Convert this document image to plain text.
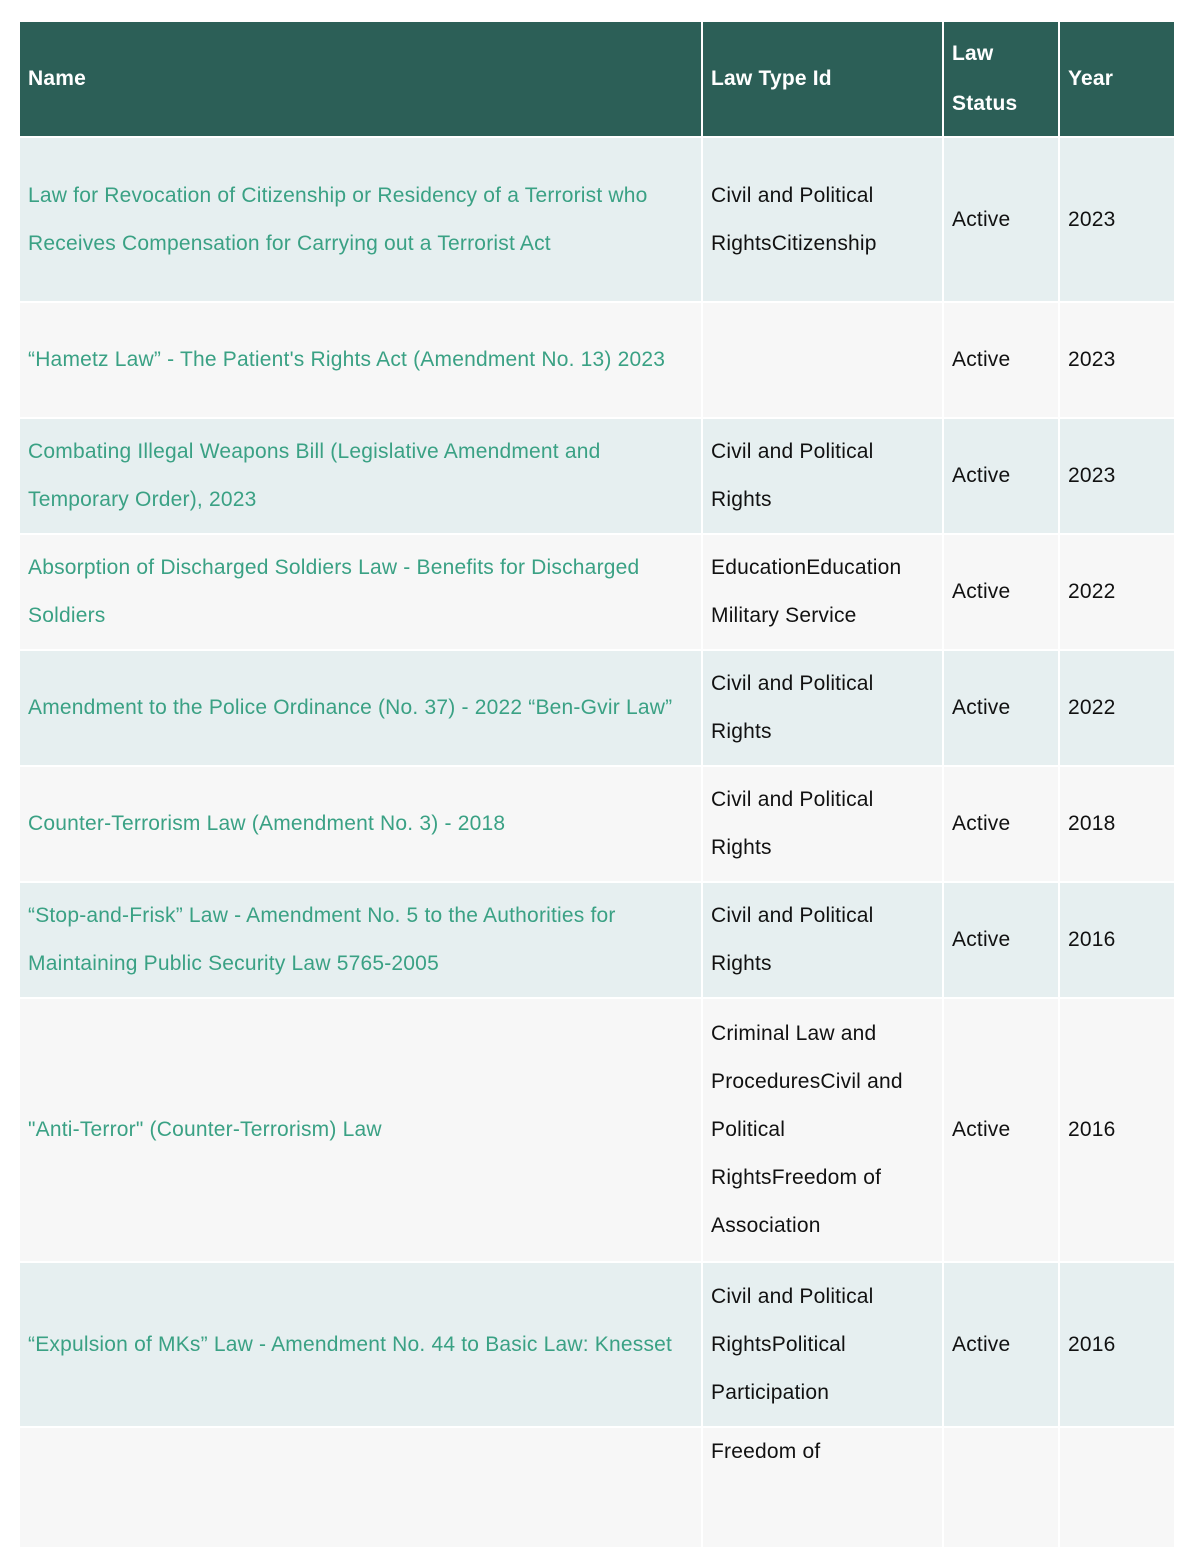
Name	Law Type Id	Law Status	Year
Law for Revocation of Citizenship or Residency of a Terrorist who Receives Compensation for Carrying out a Terrorist Act	Civil and Political RightsCitizenship	Active	2023
“Hametz Law” - The Patient's Rights Act (Amendment No. 13) 2023		Active	2023
Combating Illegal Weapons Bill (Legislative Amendment and Temporary Order), 2023	Civil and Political Rights	Active	2023
Absorption of Discharged Soldiers Law - Benefits for Discharged Soldiers	EducationEducation Military Service	Active	2022
Amendment to the Police Ordinance (No. 37) - 2022 “Ben-Gvir Law”	Civil and Political Rights	Active	2022
Counter-Terrorism Law (Amendment No. 3) - 2018	Civil and Political Rights	Active	2018
“Stop-and-Frisk” Law - Amendment No. 5 to the Authorities for Maintaining Public Security Law 5765-2005	Civil and Political Rights	Active	2016
"Anti-Terror" (Counter-Terrorism) Law	Criminal Law and ProceduresCivil and Political RightsFreedom of Association	Active	2016
“Expulsion of MKs” Law - Amendment No. 44 to Basic Law: Knesset	Civil and Political RightsPolitical Participation	Active	2016
	Freedom of		
